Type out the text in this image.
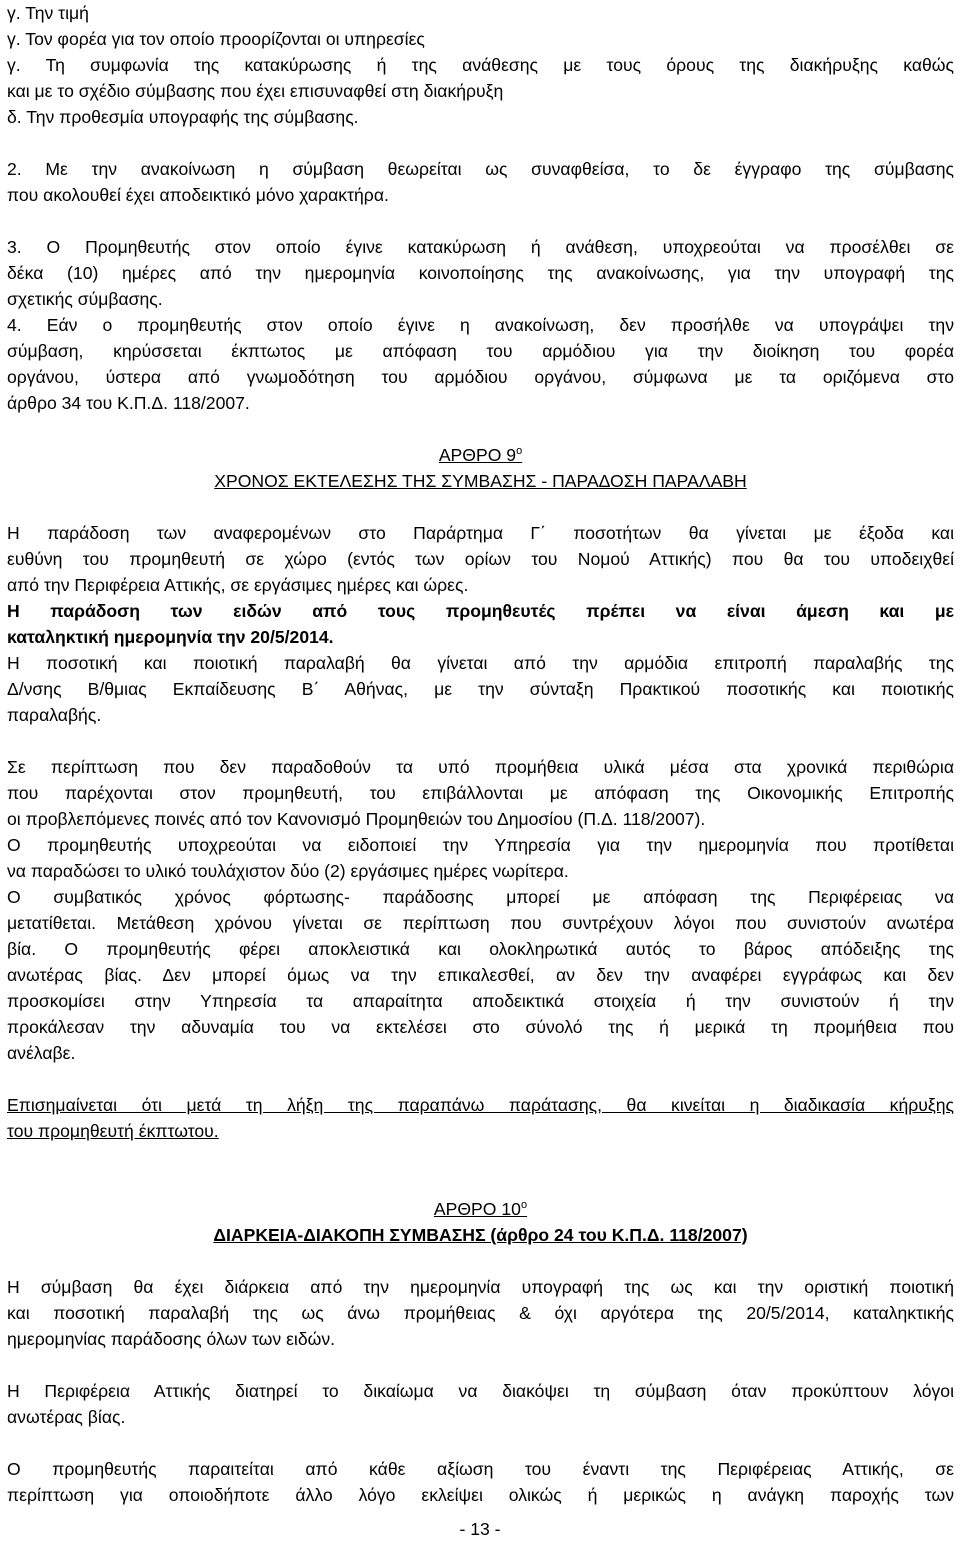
γ. Την τιμή
γ. Τον φορέα για τον οποίο προορίζονται οι υπηρεσίες
γ. Τη συμφωνία της κατακύρωσης ή της ανάθεσης με τους όρους της διακήρυξης καθώς
και με το σχέδιο σύμβασης που έχει επισυναφθεί στη διακήρυξη
δ. Την προθεσμία υπογραφής της σύμβασης.
2. Με την ανακοίνωση η σύμβαση θεωρείται ως συναφθείσα, το δε έγγραφο της σύμβασης
που ακολουθεί έχει αποδεικτικό μόνο χαρακτήρα.
3. Ο Προμηθευτής στον οποίο έγινε κατακύρωση ή ανάθεση, υποχρεούται να προσέλθει σε
δέκα (10) ημέρες από την ημερομηνία κοινοποίησης της ανακοίνωσης, για την υπογραφή της
σχετικής σύμβασης.
4. Εάν ο προμηθευτής στον οποίο έγινε η ανακοίνωση, δεν προσήλθε να υπογράψει την
σύμβαση, κηρύσσεται έκπτωτος με απόφαση του αρμόδιου για την διοίκηση του φορέα
οργάνου, ύστερα από γνωμοδότηση του αρμόδιου οργάνου, σύμφωνα με τα οριζόμενα στο
άρθρο 34 του Κ.Π.Δ. 118/2007.
ΑΡΘΡΟ $9^o$
ΧΡΟΝΟΣ ΕΚΤΕΛΕΣΗΣ ΤΗΣ ΣΥΜΒΑΣΗΣ - ΠΑΡΑΔΟΣΗ ΠΑΡΑΛΑΒΗ
Η παράδοση των αναφερομένων στο Παράρτημα Γ΄ ποσοτήτων θα γίνεται με έξοδα και
ευθύνη του προμηθευτή σε χώρο (εντός των ορίων του Νομού Αττικής) που θα του υποδειχθεί
από την Περιφέρεια Αττικής, σε εργάσιμες ημέρες και ώρες.
Η παράδοση των ειδών από τους προμηθευτές πρέπει να είναι άμεση και με
καταληκτική ημερομηνία την 20/5/2014.
Η ποσοτική και ποιοτική παραλαβή θα γίνεται από την αρμόδια επιτροπή παραλαβής της
Δ/νσης Β/θμιας Εκπαίδευσης Β΄ Αθήνας, με την σύνταξη Πρακτικού ποσοτικής και ποιοτικής
παραλαβής.
Σε περίπτωση που δεν παραδοθούν τα υπό προμήθεια υλικά μέσα στα χρονικά περιθώρια
που παρέχονται στον προμηθευτή, του επιβάλλονται με απόφαση της Οικονομικής Επιτροπής
οι προβλεπόμενες ποινές από τον Κανονισμό Προμηθειών του Δημοσίου (Π.Δ. 118/2007).
Ο προμηθευτής υποχρεούται να ειδοποιεί την Υπηρεσία για την ημερομηνία που προτίθεται
να παραδώσει το υλικό τουλάχιστον δύο (2) εργάσιμες ημέρες νωρίτερα.
Ο συμβατικός χρόνος φόρτωσης- παράδοσης μπορεί με απόφαση της Περιφέρειας να
μετατίθεται. Μετάθεση χρόνου γίνεται σε περίπτωση που συντρέχουν λόγοι που συνιστούν ανωτέρα
βία. Ο προμηθευτής φέρει αποκλειστικά και ολοκληρωτικά αυτός το βάρος απόδειξης της
ανωτέρας βίας. Δεν μπορεί όμως να την επικαλεσθεί, αν δεν την αναφέρει εγγράφως και δεν
προσκομίσει στην Υπηρεσία τα απαραίτητα αποδεικτικά στοιχεία ή την συνιστούν ή την
προκάλεσαν την αδυναμία του να εκτελέσει στο σύνολό της ή μερικά τη προμήθεια που
ανέλαβε.
Επισημαίνεται ότι μετά τη λήξη της παραπάνω παράτασης, θα κινείται η διαδικασία κήρυξης
του προμηθευτή έκπτωτου.
ΑΡΘΡΟ $10^o$
ΔΙΑΡΚΕΙΑ-ΔΙΑΚΟΠΗ ΣΥΜΒΑΣΗΣ (άρθρο 24 του Κ.Π.Δ. 118/2007)
Η σύμβαση θα έχει διάρκεια από την ημερομηνία υπογραφή της ως και την οριστική ποιοτική
και ποσοτική παραλαβή της ως άνω προμήθειας & όχι αργότερα της 20/5/2014, καταληκτικής
ημερομηνίας παράδοσης όλων των ειδών.
Η Περιφέρεια Αττικής διατηρεί το δικαίωμα να διακόψει τη σύμβαση όταν προκύπτουν λόγοι
ανωτέρας βίας.
Ο προμηθευτής παραιτείται από κάθε αξίωση του έναντι της Περιφέρειας Αττικής, σε
περίπτωση για οποιοδήποτε άλλο λόγο εκλείψει ολικώς ή μερικώς η ανάγκη παροχής των
- 13 -
